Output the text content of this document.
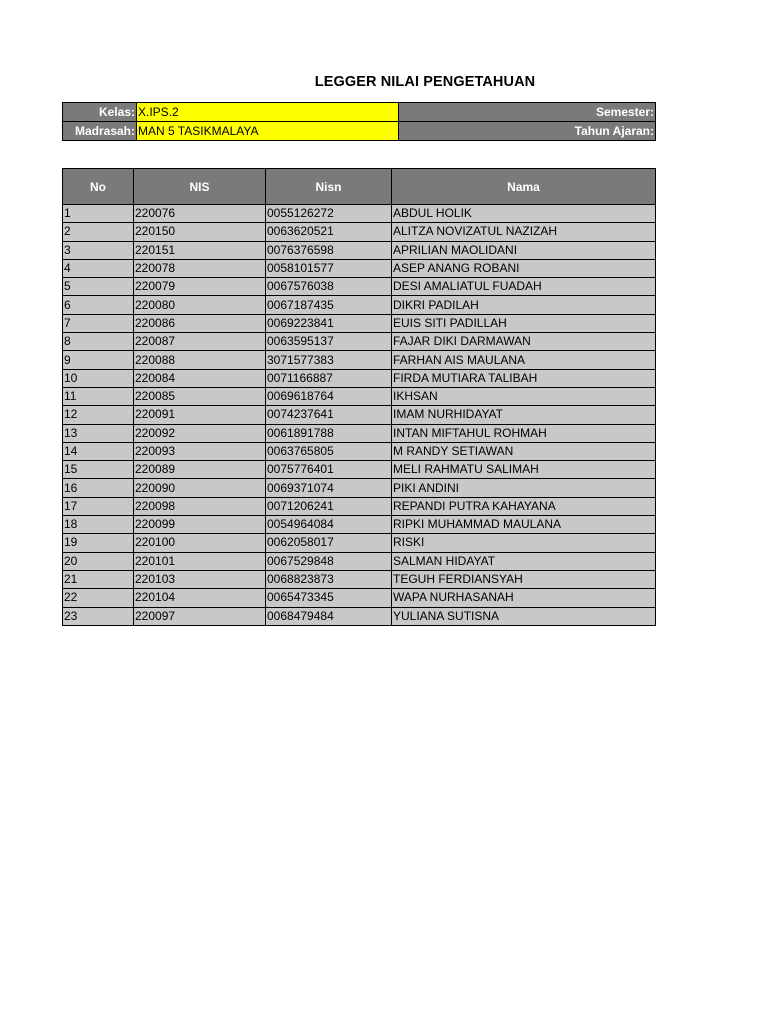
LEGGER NILAI PENGETAHUAN
Kelas:	X.IPS.2	Semester:
Madrasah:	MAN 5 TASIKMALAYA	Tahun Ajaran:
No	NIS	Nisn	Nama
1	220076	0055126272	ABDUL HOLIK
2	220150	0063620521	ALITZA NOVIZATUL NAZIZAH
3	220151	0076376598	APRILIAN MAOLIDANI
4	220078	0058101577	ASEP ANANG ROBANI
5	220079	0067576038	DESI AMALIATUL FUADAH
6	220080	0067187435	DIKRI PADILAH
7	220086	0069223841	EUIS SITI PADILLAH
8	220087	0063595137	FAJAR DIKI DARMAWAN
9	220088	3071577383	FARHAN AIS MAULANA
10	220084	0071166887	FIRDA MUTIARA TALIBAH
11	220085	0069618764	IKHSAN
12	220091	0074237641	IMAM NURHIDAYAT
13	220092	0061891788	INTAN MIFTAHUL ROHMAH
14	220093	0063765805	M RANDY SETIAWAN
15	220089	0075776401	MELI RAHMATU SALIMAH
16	220090	0069371074	PIKI ANDINI
17	220098	0071206241	REPANDI PUTRA KAHAYANA
18	220099	0054964084	RIPKI MUHAMMAD MAULANA
19	220100	0062058017	RISKI
20	220101	0067529848	SALMAN HIDAYAT
21	220103	0068823873	TEGUH FERDIANSYAH
22	220104	0065473345	WAPA NURHASANAH
23	220097	0068479484	YULIANA SUTISNA
